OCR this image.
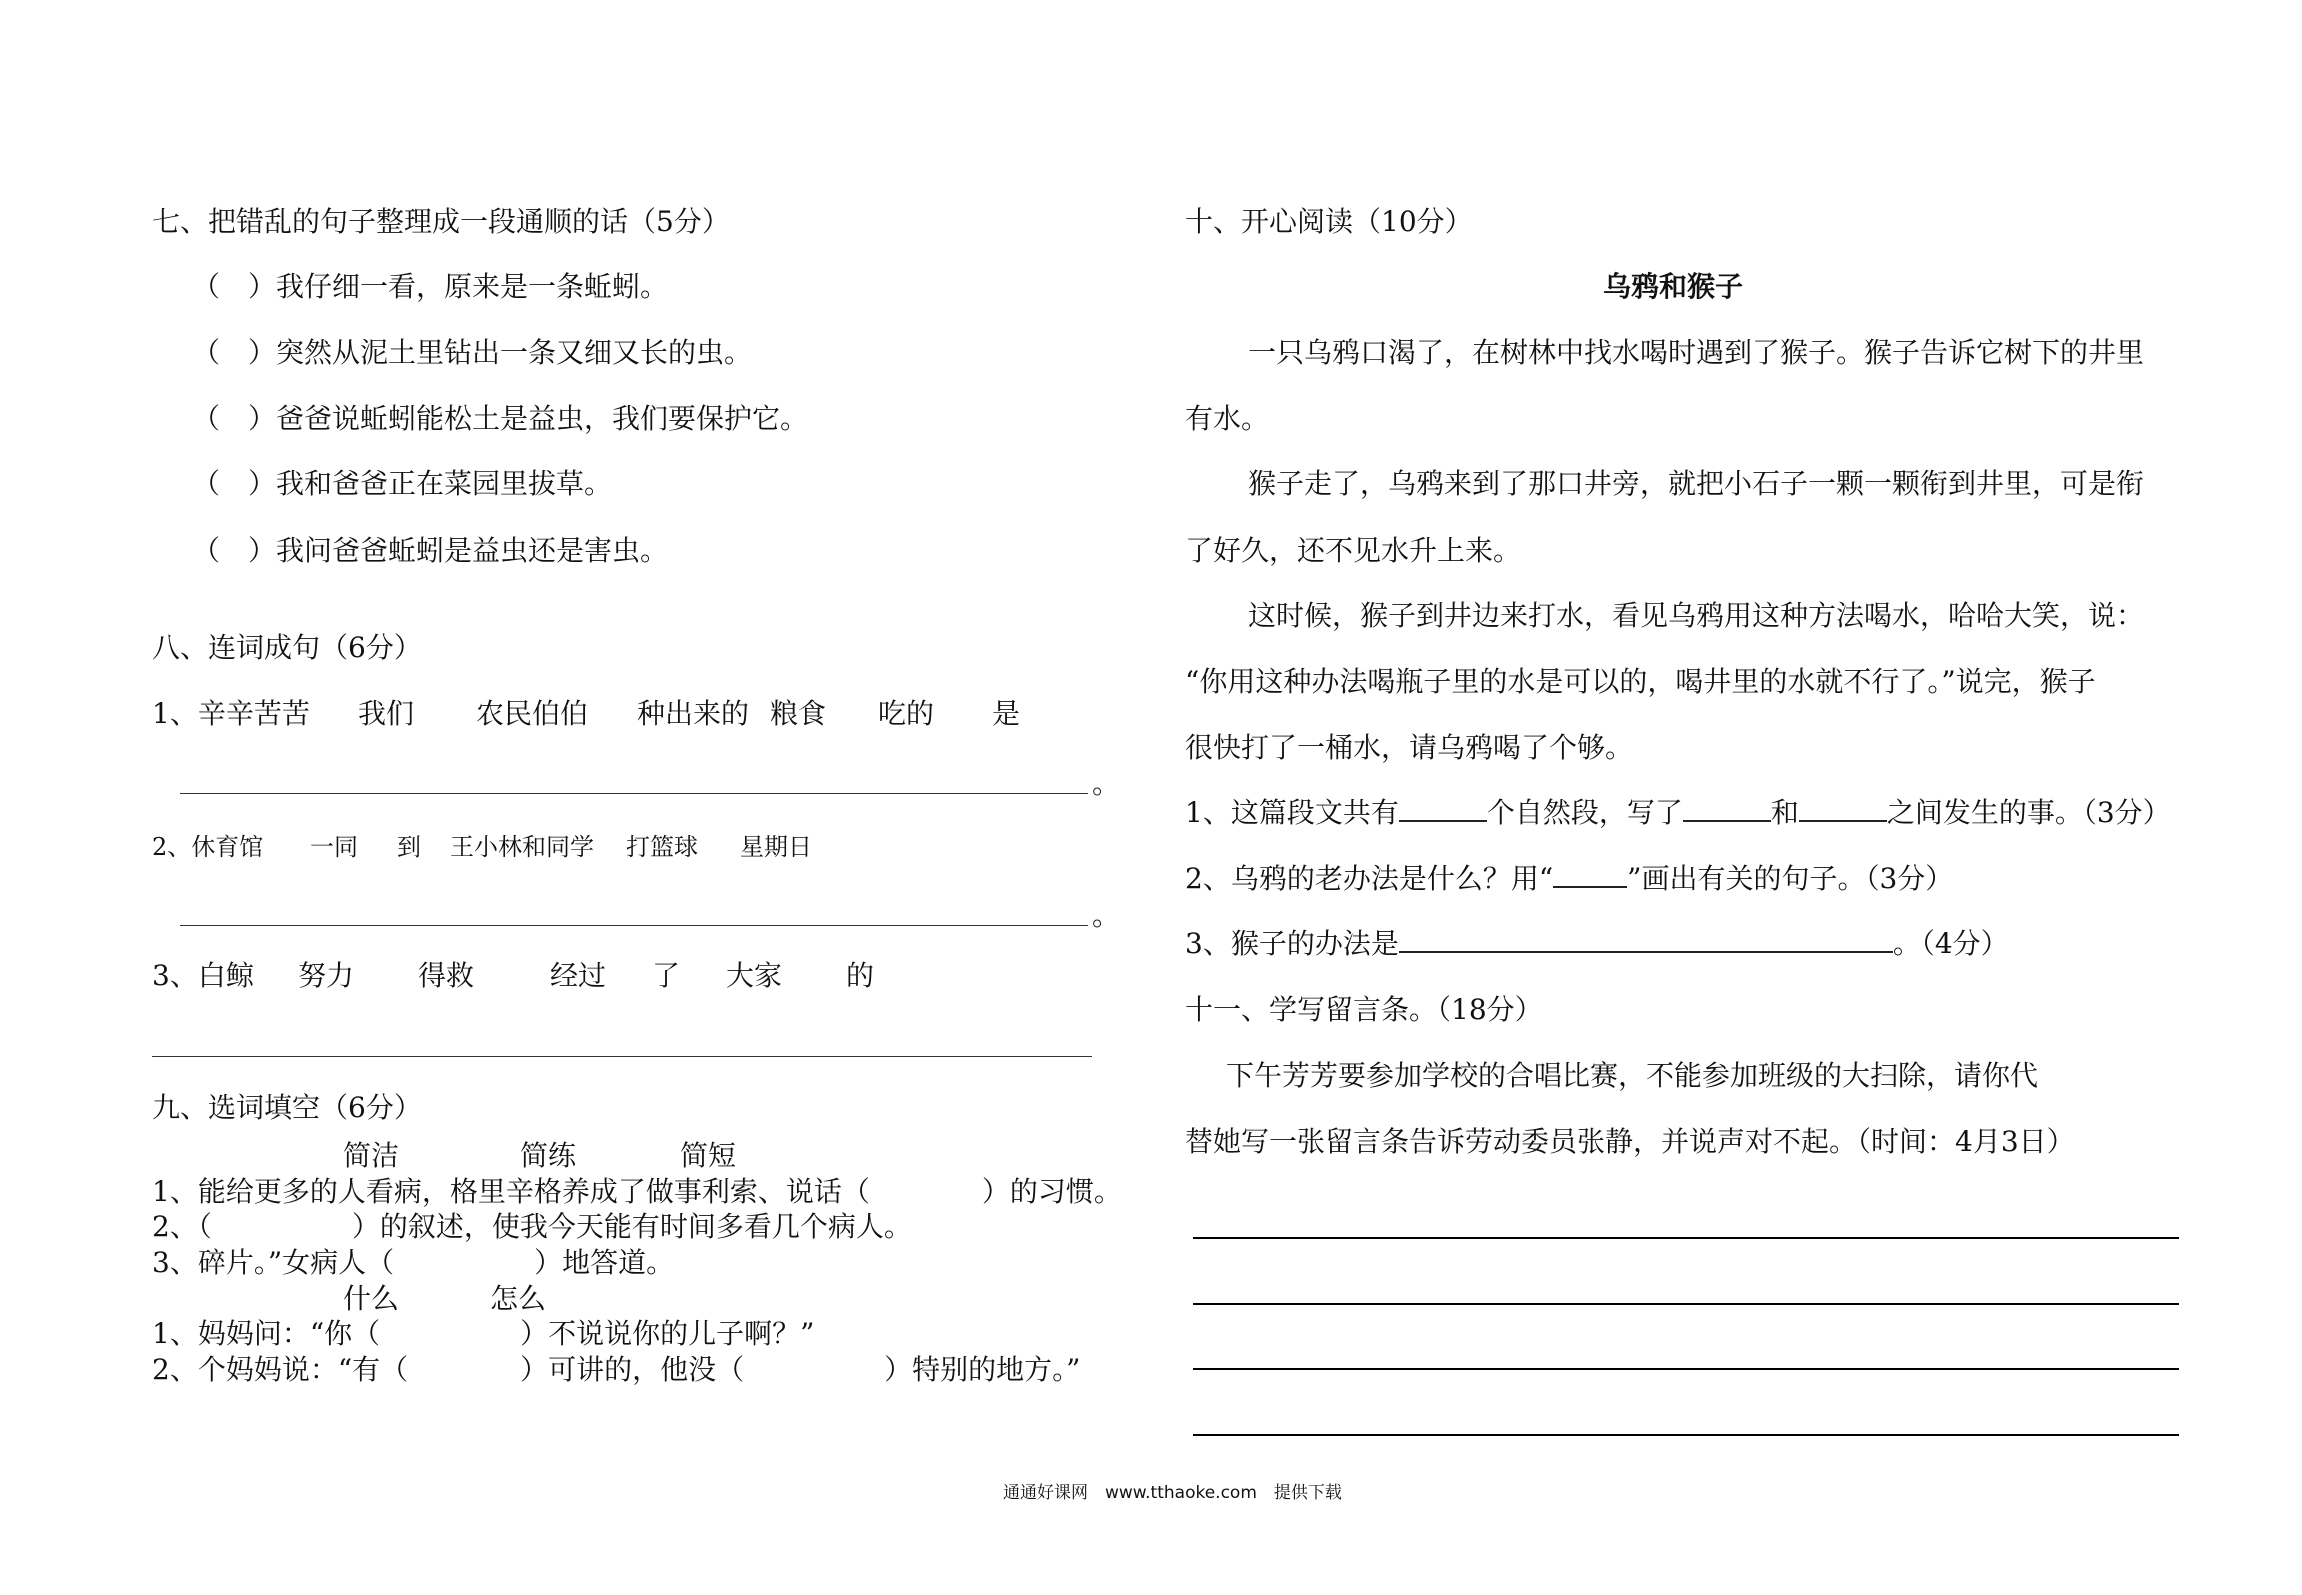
七、把错乱的句子整理成一段通顺的话（5分）
（　）我仔细一看，原来是一条蚯蚓。
（　）突然从泥土里钻出一条又细又长的虫。
（　）爸爸说蚯蚓能松土是益虫，我们要保护它。
（　）我和爸爸正在菜园里拔草。
（　）我问爸爸蚯蚓是益虫还是害虫。
八、连词成句（6分）
1、辛辛苦苦 我们 农民伯伯 种出来的 粮食 吃的 是
。
2、休育馆 一同 到 王小林和同学 打篮球 星期日
。
3、白鲸 努力 得救	经过 了 大家 的
九、选词填空（6分）
简洁	简练	简短
1、能给更多的人看病，格里辛格养成了做事利索、说话（　　　　）的习惯。
2、（　　　　　）的叙述，使我今天能有时间多看几个病人。
3、碎片。”女病人（　　　　　）地答道。
什么	怎么
1、妈妈问：“你（　　　　　）不说说你的儿子啊？”
2、个妈妈说：“有（　　　　）可讲的，他没（　　　　　）特别的地方。”
十、开心阅读（10分）
乌鸦和猴子
一只乌鸦口渴了，在树林中找水喝时遇到了猴子。猴子告诉它树下的井里
有水。
猴子走了，乌鸦来到了那口井旁，就把小石子一颗一颗衔到井里，可是衔
了好久，还不见水升上来。
这时候，猴子到井边来打水，看见乌鸦用这种方法喝水，哈哈大笑，说：
“你用这种办法喝瓶子里的水是可以的，喝井里的水就不行了。”说完，猴子
很快打了一桶水，请乌鸦喝了个够。
1、这篇段文共有	个自然段，写了	和	之间发生的事。（3分）
2、乌鸦的老办法是什么？用“	”画出有关的句子。（3分）
3、猴子的办法是	。（4分）
十一、学写留言条。（18分）
下午芳芳要参加学校的合唱比赛，不能参加班级的大扫除，请你代
替她写一张留言条告诉劳动委员张静，并说声对不起。（时间：4月3日）
通通好课网　www.tthaoke.com　提供下载
